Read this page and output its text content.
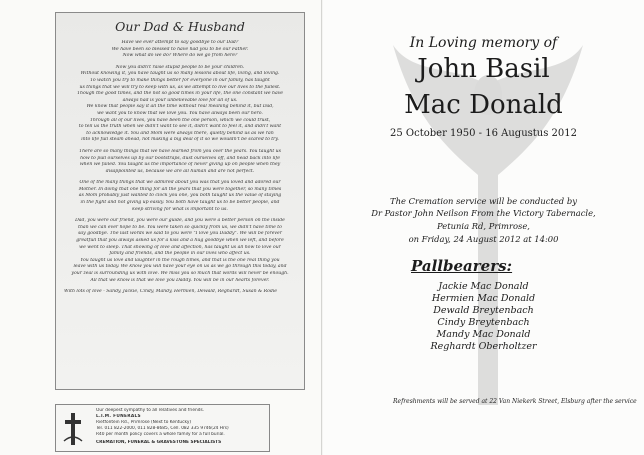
Our Dad & Husband
Have we ever attempt to say goodbye to our Dad?
We have been so blessed to have had you to be our Father.
Now what do we do? Where do we go from here?
Now you didn't raise stupid people to be your children.
Without knowing it, you have taught us so many lessons about life, living, and loving.
To watch you try to make things better for everyone in our family, has taught
us things that we will try to keep with us, as we attempt to live our lives to the fullest.
Though the good times, and the not so good times in your life, the one constant we have
always had is your unbelievable love for all of us.
We know that people say it all the time without real meaning behind it, but Dad,
we want you to know that we love you. You have always been our hero.
Through all of our lives, you have been the one person, which we could trust,
to tell us the truth when we didn't want to see it, didn't want to feel it, and didn't want
to acknowledge it. You and Mom were always there, quietly behind us as we ran
into life full steam ahead, not making a big deal of it so we wouldn't be scared to try.
There are so many things that we have learned from you over the years. You taught us
how to pull ourselves up by our bootstraps, dust ourselves off, and head back into life
when we failed. You taught us the importance of never giving up on people when they
disappointed us, because we are all human and are not perfect.
One of the many things that we admired about you was that you loved and adored our
Mother. In doing that one thing for all the years that you were together, so many times
as Mom probably just wanted to clock you one, you both taught us the value of staying
in the fight and not giving up easily. You both have taught us to be better people, and
keep striving for what is important to us.
Dad, you were our friend, you were our guide, and you were a better person on the inside
than we can ever hope to be. You were taken so quickly from us, we didn't have time to
say goodbye. The last words we said to you were "I love you Daddy". We will be forever
greatfull that you always asked us for a kiss and a hug goodbye when we left, and before
we went to sleep. That showing of love and affection, has taught us all how to love our
family and friends, and the people in our lives who affect us.
You taught us love and laughter in the rough times, and that is the one real thing you
leave with us today. We know you will have your eye on us as we go through this today, and
your zeal is surrounding us with love. We miss you so much that words will never be enough.
All that we know is that we love you Daddy. You will be in our hearts forever.
With lots of love - Sandy, Jackie, Cindy, Mandy, Hermien, Dewald, Reghardt, Susan & Rodie
Our deepest sympathy to all relatives and friends.
L.I.M. FUNERALS
Rietfontein Rd., Primrose (Next to Kentucky)
Tel. 011 822-2000, 011 828-8685, Cell. 082 335 9746(24 Hrs)
R40 per month policy covers a whole family for a full burial.
CREMATION, FUNERAL & GRAVESTONE SPECIALISTS
In Loving memory of
John Basil
Mac Donald
25 October 1950 - 16 Augustus 2012
The Cremation service will be conducted by
Dr Pastor John Neilson From the Victory Tabernacle,
Petunia Rd, Primrose,
on Friday, 24 August 2012 at 14:00
Pallbearers:
Jackie Mac Donald
Hermien Mac Donald
Dewald Breytenbach
Cindy Breytenbach
Mandy Mac Donald
Reghardt Oberholtzer
Refreshments will be served at 22 Van Niekerk Street, Elsburg after the service
